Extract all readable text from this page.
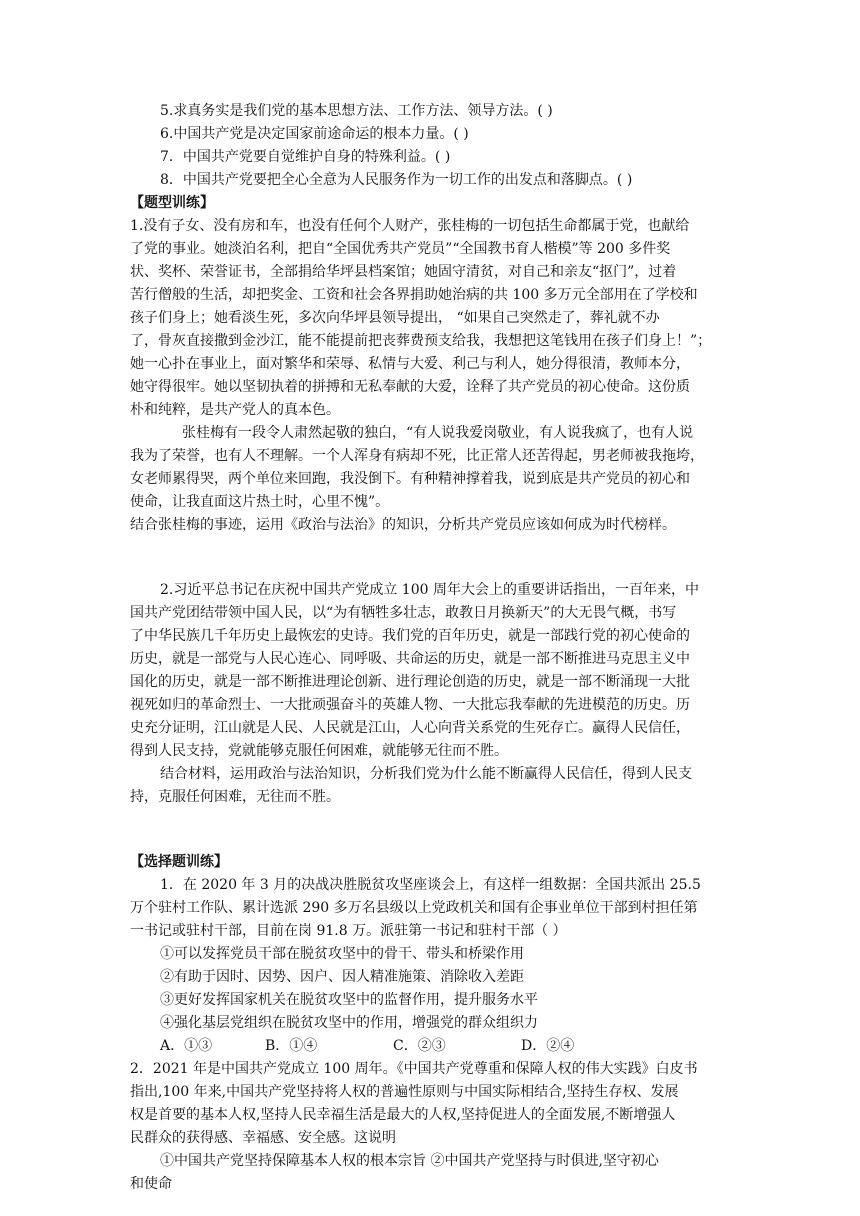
5.求真务实是我们党的基本思想方法、工作方法、领导方法。( )
6.中国共产党是决定国家前途命运的根本力量。( )
7．中国共产党要自觉维护自身的特殊利益。( )
8．中国共产党要把全心全意为人民服务作为一切工作的出发点和落脚点。( )
【题型训练】
1.没有子女、没有房和车，也没有任何个人财产，张桂梅的一切包括生命都属于党，也献给
了党的事业。她淡泊名利，把自“全国优秀共产党员”“全国教书育人楷模”等 200 多件奖
状、奖杯、荣誉证书，全部捐给华坪县档案馆；她固守清贫，对自己和亲友“抠门”，过着
苦行僧般的生活，却把奖金、工资和社会各界捐助她治病的共 100 多万元全部用在了学校和
孩子们身上；她看淡生死，多次向华坪县领导提出， “如果自己突然走了，葬礼就不办
了，骨灰直接撒到金沙江，能不能提前把丧葬费预支给我，我想把这笔钱用在孩子们身上！”；
她一心扑在事业上，面对繁华和荣辱、私情与大爱、利己与利人，她分得很清，教师本分，
她守得很牢。她以坚韧执着的拼搏和无私奉献的大爱，诠释了共产党员的初心使命。这份质
朴和纯粹，是共产党人的真本色。
张桂梅有一段令人肃然起敬的独白，“有人说我爱岗敬业，有人说我疯了，也有人说
我为了荣誉，也有人不理解。一个人浑身有病却不死，比正常人还苦得起，男老师被我拖垮，
女老师累得哭，两个单位来回跑，我没倒下。有种精神撑着我，说到底是共产党员的初心和
使命，让我直面这片热土时，心里不愧”。
结合张桂梅的事迹，运用《政治与法治》的知识，分析共产党员应该如何成为时代榜样。
2.习近平总书记在庆祝中国共产党成立 100 周年大会上的重要讲话指出，一百年来，中
国共产党团结带领中国人民，以“为有牺牲多壮志，敢教日月换新天”的大无畏气概，书写
了中华民族几千年历史上最恢宏的史诗。我们党的百年历史，就是一部践行党的初心使命的
历史，就是一部党与人民心连心、同呼吸、共命运的历史，就是一部不断推进马克思主义中
国化的历史，就是一部不断推进理论创新、进行理论创造的历史，就是一部不断涌现一大批
视死如归的革命烈士、一大批顽强奋斗的英雄人物、一大批忘我奉献的先进模范的历史。历
史充分证明，江山就是人民、人民就是江山，人心向背关系党的生死存亡。赢得人民信任，
得到人民支持，党就能够克服任何困难，就能够无往而不胜。
结合材料，运用政治与法治知识，分析我们党为什么能不断赢得人民信任，得到人民支
持，克服任何困难，无往而不胜。
【选择题训练】
1．在 2020 年 3 月的决战决胜脱贫攻坚座谈会上，有这样一组数据：全国共派出 25.5
万个驻村工作队、累计选派 290 多万名县级以上党政机关和国有企事业单位干部到村担任第
一书记或驻村干部，目前在岗 91.8 万。派驻第一书记和驻村干部（ ）
①可以发挥党员干部在脱贫攻坚中的骨干、带头和桥梁作用
②有助于因时、因势、因户、因人精准施策、消除收入差距
③更好发挥国家机关在脱贫攻坚中的监督作用，提升服务水平
④强化基层党组织在脱贫攻坚中的作用，增强党的群众组织力
A．①③	B．①④	C．②③	D．②④
2．2021 年是中国共产党成立 100 周年。《中国共产党尊重和保障人权的伟大实践》白皮书
指出,100 年来,中国共产党坚持将人权的普遍性原则与中国实际相结合,坚持生存权、发展
权是首要的基本人权,坚持人民幸福生活是最大的人权,坚持促进人的全面发展,不断增强人
民群众的获得感、幸福感、安全感。这说明
①中国共产党坚持保障基本人权的根本宗旨 ②中国共产党坚持与时俱进,坚守初心
和使命
